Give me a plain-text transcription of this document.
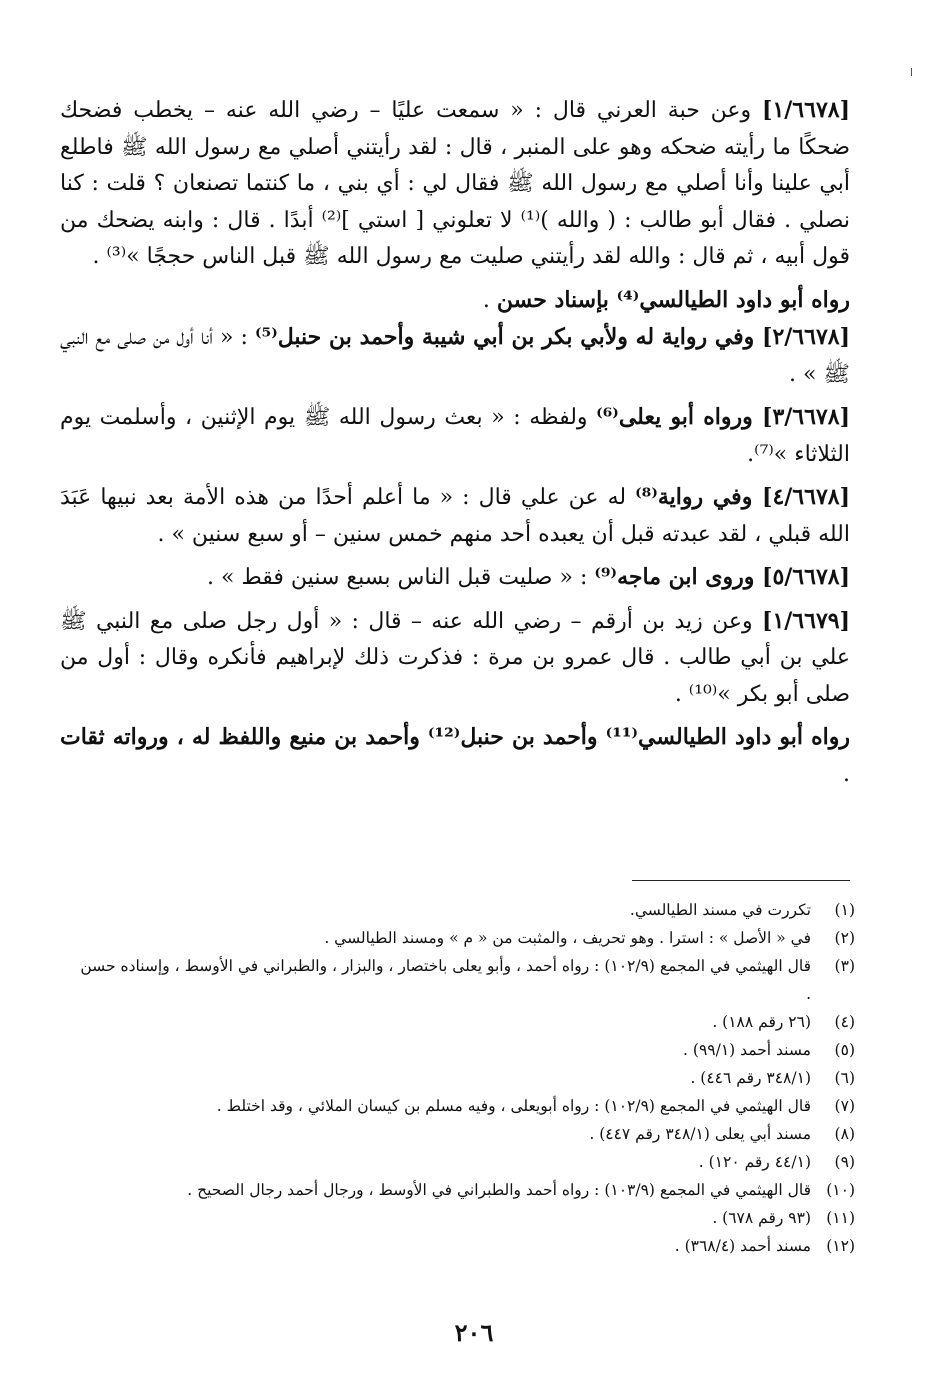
[١/٦٦٧٨] وعن حبة العرني قال : « سمعت عليًا – رضي الله عنه – يخطب فضحك ضحكًا ما رأيته ضحكه وهو على المنبر ، قال : لقد رأيتني أصلي مع رسول الله ﷺ فاطلع أبي علينا وأنا أصلي مع رسول الله ﷺ فقال لي : أي بني ، ما كنتما تصنعان ؟ قلت : كنا نصلي . فقال أبو طالب : ( والله )⁽¹⁾ لا تعلوني [ استي ]⁽²⁾ أبدًا . قال : وابنه يضحك من قول أبيه ، ثم قال : والله لقد رأيتني صليت مع رسول الله ﷺ قبل الناس حججًا »⁽³⁾ .

رواه أبو داود الطيالسي⁽⁴⁾ بإسناد حسن .

[٢/٦٦٧٨] وفي رواية له ولأبي بكر بن أبي شيبة وأحمد بن حنبل⁽⁵⁾ : « أنا أول من صلى مع النبي ﷺ » .

[٣/٦٦٧٨] ورواه أبو يعلى⁽⁶⁾ ولفظه : « بعث رسول الله ﷺ يوم الإثنين ، وأسلمت يوم الثلاثاء »⁽⁷⁾.

[٤/٦٦٧٨] وفي رواية⁽⁸⁾ له عن علي قال : « ما أعلم أحدًا من هذه الأمة بعد نبيها عَبَدَ الله قبلي ، لقد عبدته قبل أن يعبده أحد منهم خمس سنين – أو سبع سنين » .

[٥/٦٦٧٨] وروى ابن ماجه⁽⁹⁾ : « صليت قبل الناس بسبع سنين فقط » .

[١/٦٦٧٩] وعن زيد بن أرقم – رضي الله عنه – قال : « أول رجل صلى مع النبي ﷺ علي بن أبي طالب . قال عمرو بن مرة : فذكرت ذلك لإبراهيم فأنكره وقال : أول من صلى أبو بكر »⁽¹⁰⁾ .

رواه أبو داود الطيالسي⁽¹¹⁾ وأحمد بن حنبل⁽¹²⁾ وأحمد بن منيع واللفظ له ، ورواته ثقات .

(١)
تكررت في مسند الطيالسي.

(٢)
في « الأصل » : استرا . وهو تحريف ، والمثبت من « م » ومسند الطيالسي .

(٣)
قال الهيثمي في المجمع (١٠٢/٩) : رواه أحمد ، وأبو يعلى باختصار ، والبزار ، والطبراني في الأوسط ، وإسناده حسن .

(٤)
(٢٦ رقم ١٨٨) .

(٥)
مسند أحمد (٩٩/١) .

(٦)
(٣٤٨/١ رقم ٤٤٦) .

(٧)
قال الهيثمي في المجمع (١٠٢/٩) : رواه أبويعلى ، وفيه مسلم بن كيسان الملائي ، وقد اختلط .

(٨)
مسند أبي يعلى (٣٤٨/١ رقم ٤٤٧) .

(٩)
(٤٤/١ رقم ١٢٠) .

(١٠)
قال الهيثمي في المجمع (١٠٣/٩) : رواه أحمد والطبراني في الأوسط ، ورجال أحمد رجال الصحيح .

(١١)
(٩٣ رقم ٦٧٨) .

(١٢)
مسند أحمد (٣٦٨/٤) .

٢٠٦
